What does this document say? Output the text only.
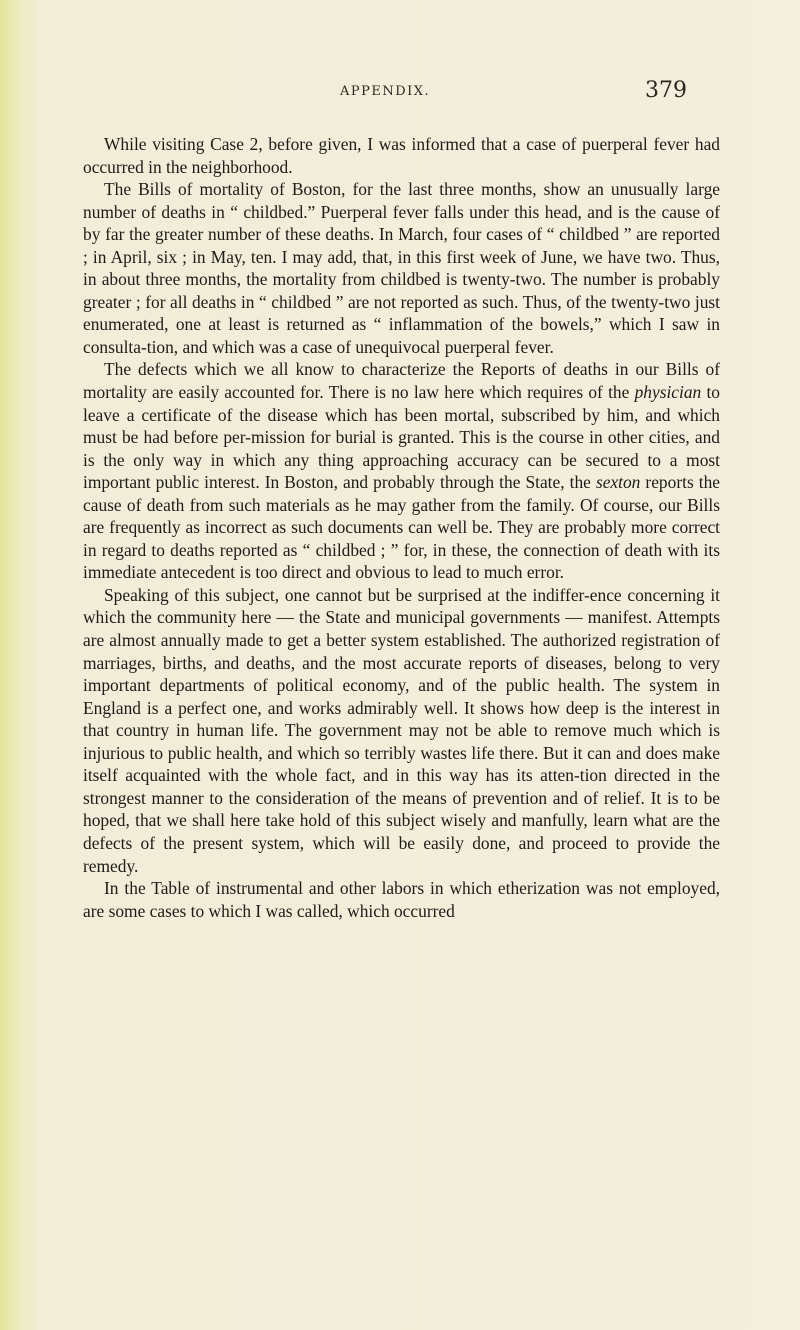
APPENDIX.	379

While visiting Case 2, before given, I was informed that a case of puerperal fever had occurred in the neighborhood.

The Bills of mortality of Boston, for the last three months, show an unusually large number of deaths in “ childbed.” Puerperal fever falls under this head, and is the cause of by far the greater number of these deaths. In March, four cases of “ childbed ” are reported ; in April, six ; in May, ten. I may add, that, in this first week of June, we have two. Thus, in about three months, the mortality from childbed is twenty-two. The number is probably greater ; for all deaths in “ childbed ” are not reported as such. Thus, of the twenty-two just enumerated, one at least is returned as “ inflammation of the bowels,” which I saw in consulta-tion, and which was a case of unequivocal puerperal fever.

The defects which we all know to characterize the Reports of deaths in our Bills of mortality are easily accounted for. There is no law here which requires of the physician to leave a certificate of the disease which has been mortal, subscribed by him, and which must be had before per-mission for burial is granted. This is the course in other cities, and is the only way in which any thing approaching accuracy can be secured to a most important public interest. In Boston, and probably through the State, the sexton reports the cause of death from such materials as he may gather from the family. Of course, our Bills are frequently as incorrect as such documents can well be. They are probably more correct in regard to deaths reported as “ childbed ; ” for, in these, the connection of death with its immediate antecedent is too direct and obvious to lead to much error.

Speaking of this subject, one cannot but be surprised at the indiffer-ence concerning it which the community here — the State and municipal governments — manifest. Attempts are almost annually made to get a better system established. The authorized registration of marriages, births, and deaths, and the most accurate reports of diseases, belong to very important departments of political economy, and of the public health. The system in England is a perfect one, and works admirably well. It shows how deep is the interest in that country in human life. The government may not be able to remove much which is injurious to public health, and which so terribly wastes life there. But it can and does make itself acquainted with the whole fact, and in this way has its atten-tion directed in the strongest manner to the consideration of the means of prevention and of relief. It is to be hoped, that we shall here take hold of this subject wisely and manfully, learn what are the defects of the present system, which will be easily done, and proceed to provide the remedy.

In the Table of instrumental and other labors in which etherization was not employed, are some cases to which I was called, which occurred
